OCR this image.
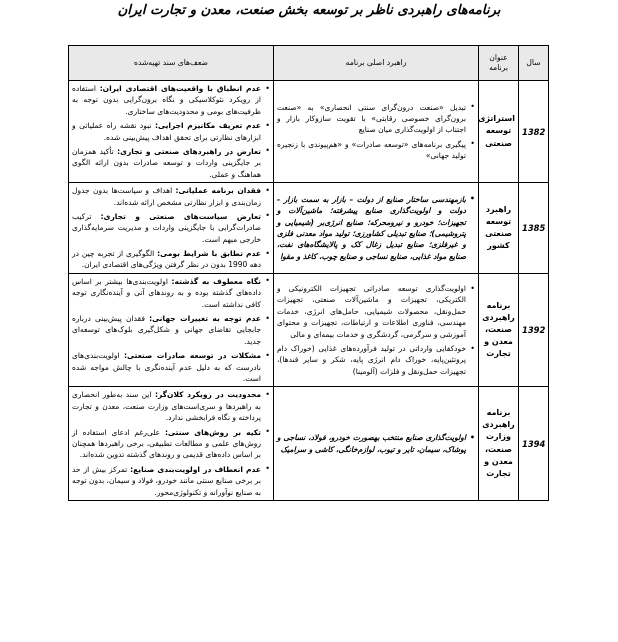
برنامه‌های راهبردی ناظر بر توسعه بخش صنعت، معدن و تجارت ایران
سال	عنوان برنامه	راهبرد اصلی برنامه	ضعف‌های سند تهیه‌شده
1382	استراتژی توسعه صنعتی	
• تبدیل «صنعت درون‌گرای سنتی انحصاری» به «صنعت برون‌گرای خصوصی رقابتی» با تقویت سازوکار بازار و اجتناب از اولویت‌گذاری میان صنایع
• پیگیری برنامه‌های «توسعه صادرات» و «هم‌پیوندی با زنجیره تولید جهانی»

• عدم انطباق با واقعیت‌های اقتصادی ایران: استفاده از رویکرد نئوکلاسیکی و نگاه برون‌گرایی بدون توجه به ظرفیت‌های بومی و محدودیت‌های ساختاری.
• عدم تعریف مکانیزم اجرایی: نبود نقشه راه عملیاتی و ابزارهای نظارتی برای تحقق اهداف پیش‌بینی شده.
• تعارض در راهبردهای صنعتی و تجاری: تأکید همزمان بر جایگزینی واردات و توسعه صادرات بدون ارائه الگوی هماهنگ و عملی.

1385	راهبرد توسعه صنعتی کشور	
• بازمهندسی ساختار صنایع از دولت – بازار به سمت بازار - دولت و اولویت‌گذاری صنایع پیشرفته؛ ماشین‌آلات و تجهیزات؛ خودرو و نیرومحرکه؛ صنایع انرژی‌بر (شیمیایی و پتروشیمی)؛ صنایع تبدیلی کشاورزی؛ تولید مواد معدنی فلزی و غیرفلزی؛ صنایع تبدیل زغال کک و پالایشگاه‌های نفت، صنایع مواد غذایی، صنایع نساجی و صنایع چوب، کاغذ و مقوا

• فقدان برنامه عملیاتی: اهداف و سیاست‌ها بدون جدول زمان‌بندی و ابزار نظارتی مشخص ارائه شده‌اند.
• تعارض سیاست‌های صنعتی و تجاری: ترکیب صادرات‌گرایی با جایگزینی واردات و مدیریت سرمایه‌گذاری خارجی مبهم است.
• عدم تطابق با شرایط بومی: الگوگیری از تجربه چین در دهه 1990 بدون در نظر گرفتن ویژگی‌های اقتصادی ایران.

1392	برنامه راهبردی صنعت، معدن و تجارت	
• اولویت‌گذاری توسعه صادراتی تجهیزات الکترونیکی و الکتریکی، تجهیزات و ماشین‌آلات صنعتی، تجهیزات حمل‌ونقل، محصولات شیمیایی، حامل‌های انرژی، خدمات مهندسی، فناوری اطلاعات و ارتباطات، تجهیزات و محتوای آموزشی و سرگرمی، گردشگری و خدمات بیمه‌ای و مالی
• خودکفایی وارداتی در تولید فرآورده‌های غذایی (خوراک دام پروتئین‌پایه، خوراک دام انرژی پایه، شکر و سایر قندها)، تجهیزات حمل‌ونقل و فلزات (آلومینا)

• نگاه معطوف به گذشته: اولویت‌بندی‌ها بیشتر بر اساس داده‌های گذشته بوده و به روندهای آتی و آینده‌نگاری توجه کافی نداشته است.
• عدم توجه به تغییرات جهانی: فقدان پیش‌بینی درباره جابجایی تقاضای جهانی و شکل‌گیری بلوک‌های توسعه‌ای جدید.
• مشکلات در توسعه صادرات صنعتی: اولویت‌بندی‌های نادرست که به دلیل عدم آینده‌نگری با چالش مواجه شده است.

1394	برنامه راهبردی وزارت صنعت، معدن و تجارت	
• اولویت‌گذاری صنایع منتخب بهصورت خودرو، فولاد، نساجی و پوشاک، سیمان، تایر و تیوب، لوازم‌خانگی، کاشی و سرامیک

• محدودیت در رویکرد کلان‌گر: این سند به‌طور انحصاری به راهبردها و سری‌است‌های وزارت صنعت، معدن و تجارت پرداخته و نگاه فرابخشی ندارد.
• تکیه بر روش‌های سنتی: علی‌رغم ادعای استفاده از روش‌های علمی و مطالعات تطبیقی، برخی راهبردها همچنان بر اساس داده‌های قدیمی و روندهای گذشته تدوین شده‌اند.
• عدم انعطاف در اولویت‌بندی صنایع: تمرکز بیش از حد بر برخی صنایع سنتی مانند خودرو، فولاد و سیمان، بدون توجه به صنایع نوآورانه و تکنولوژی‌محور.
